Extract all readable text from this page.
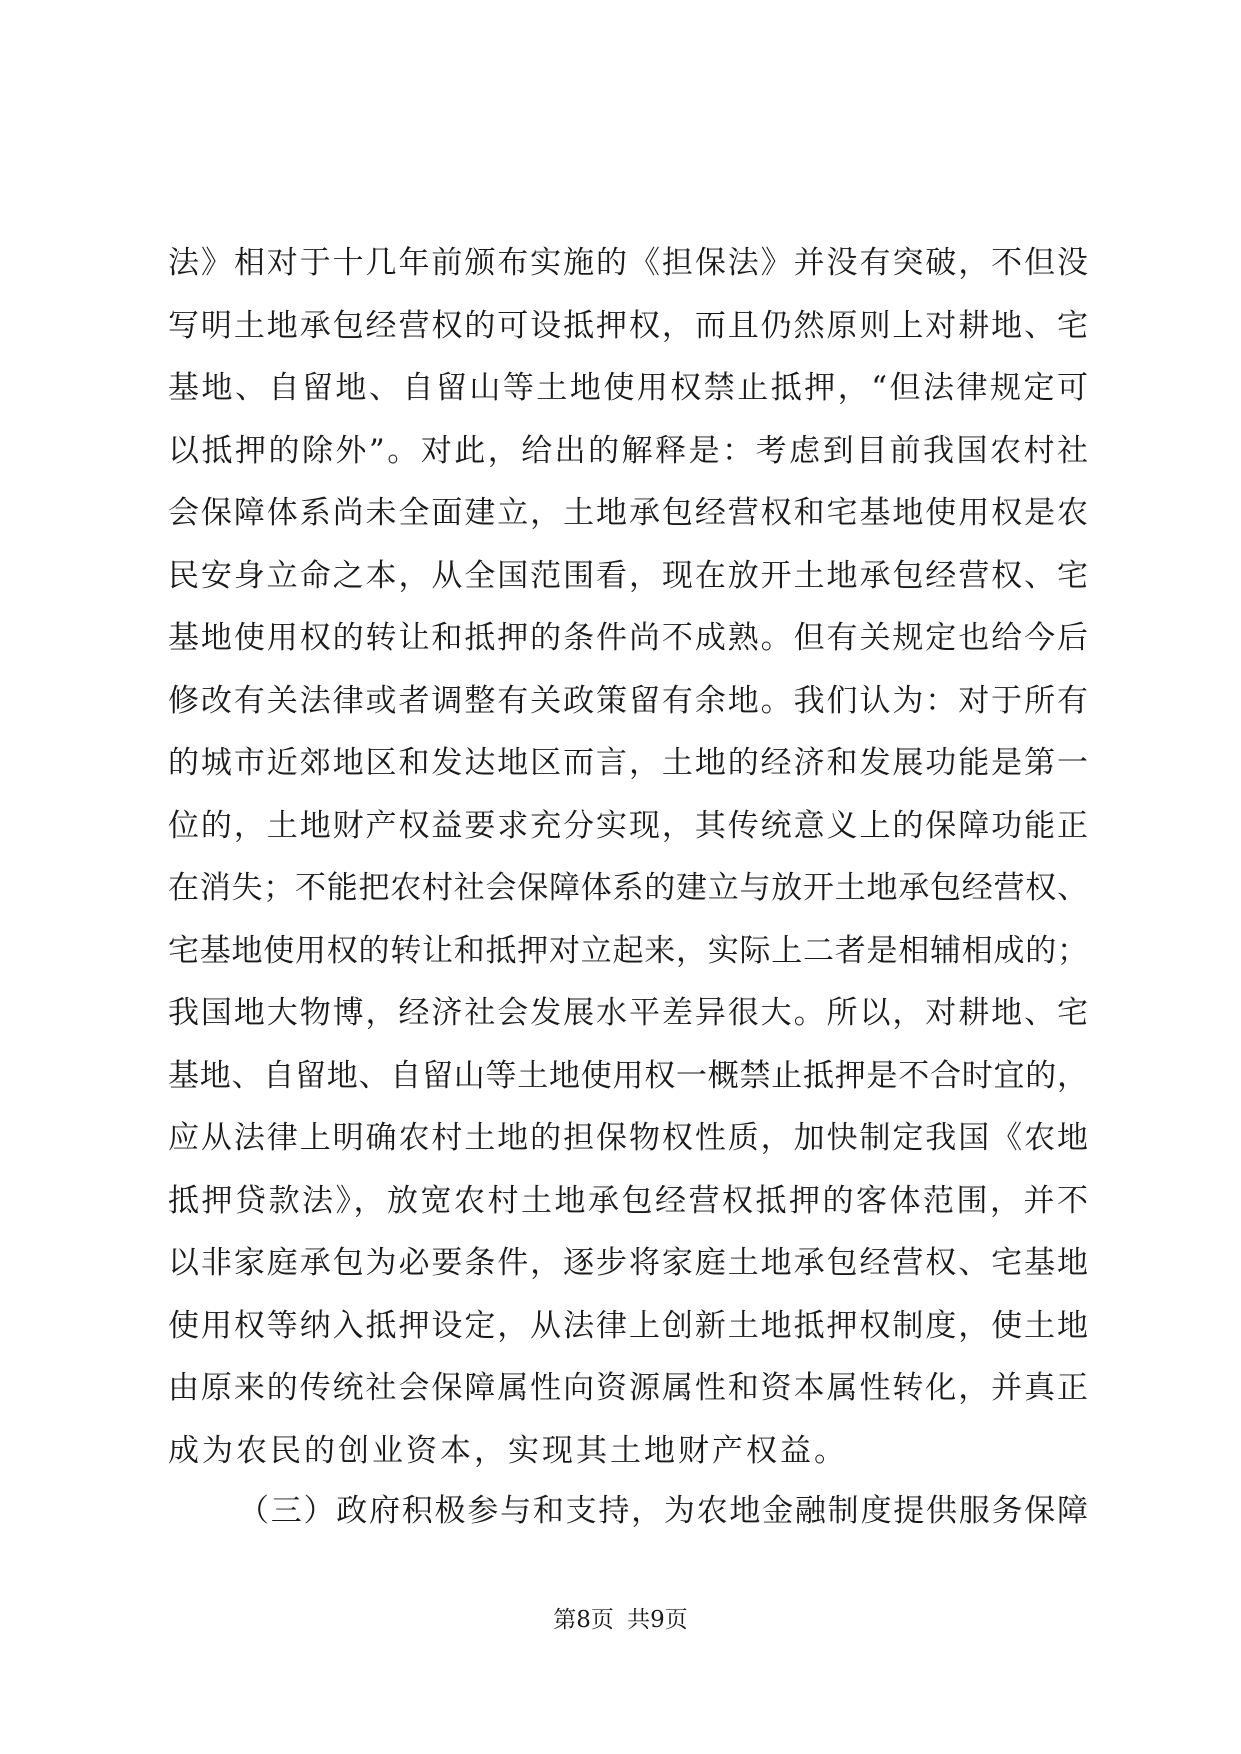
法》相对于十几年前颁布实施的《担保法》并没有突破，不但没
写明土地承包经营权的可设抵押权，而且仍然原则上对耕地、宅
基地、自留地、自留山等土地使用权禁止抵押，“但法律规定可
以抵押的除外”。对此，给出的解释是：考虑到目前我国农村社
会保障体系尚未全面建立，土地承包经营权和宅基地使用权是农
民安身立命之本，从全国范围看，现在放开土地承包经营权、宅
基地使用权的转让和抵押的条件尚不成熟。但有关规定也给今后
修改有关法律或者调整有关政策留有余地。我们认为：对于所有
的城市近郊地区和发达地区而言，土地的经济和发展功能是第一
位的，土地财产权益要求充分实现，其传统意义上的保障功能正
在消失；不能把农村社会保障体系的建立与放开土地承包经营权、
宅基地使用权的转让和抵押对立起来，实际上二者是相辅相成的；
我国地大物博，经济社会发展水平差异很大。所以，对耕地、宅
基地、自留地、自留山等土地使用权一概禁止抵押是不合时宜的，
应从法律上明确农村土地的担保物权性质，加快制定我国《农地
抵押贷款法》，放宽农村土地承包经营权抵押的客体范围，并不
以非家庭承包为必要条件，逐步将家庭土地承包经营权、宅基地
使用权等纳入抵押设定，从法律上创新土地抵押权制度，使土地
由原来的传统社会保障属性向资源属性和资本属性转化，并真正
成为农民的创业资本，实现其土地财产权益。

（三）政府积极参与和支持，为农地金融制度提供服务保障

第8页 共9页
